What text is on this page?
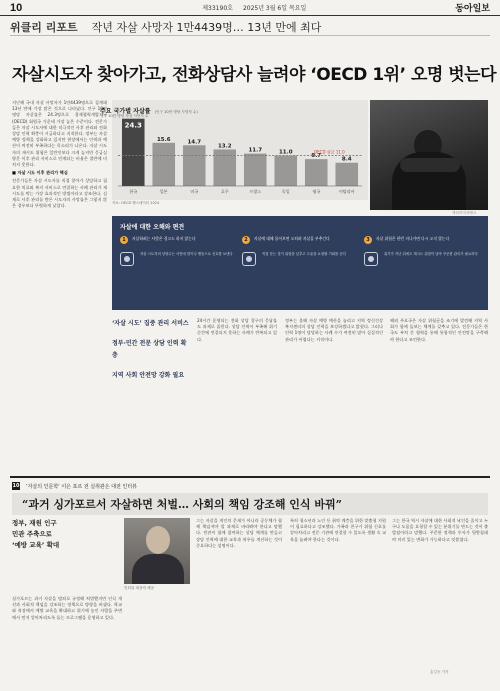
10	제33190호 2025년 3월 6일 목요일	동아일보
위클리 리포트 작년 자살 사망자 1만4439명… 13년 만에 최다
자살시도자 찾아가고, 전화상담사 늘려야 ‘OECD 1위’ 오명 벗는다
지난해 국내 자살 사망자가 1만4439명으로 집계돼 13년 만에 가장 많은 것으로 나타났다. 인구 10만 명당 자살률은 24.3명으로 경제협력개발기구(OECD) 회원국 가운데 가장 높은 수준이다. 전문가들은 자살 시도자에 대한 적극적인 사후 관리와 전화 상담 인력 확충이 시급하다고 지적한다. 정부는 자살 예방 정책을 강화하고 있지만 현장에서는 인력과 예산이 여전히 부족하다는 목소리가 나온다. 자살 시도자의 재시도 위험은 일반인보다 크게 높지만 응급실 방문 이후 관리 서비스로 연계되는 비율은 절반에 미치지 못한다.
■ 자살 시도 이후 관리가 핵심
전문가들은 자살 시도자를 직접 찾아가 상담하고 필요한 치료와 복지 서비스로 연결하는 사례 관리가 재시도를 막는 가장 효과적인 방법이라고 강조한다. 실제로 사후 관리를 받은 시도자의 사망률은 그렇지 않은 경우보다 뚜렷하게 낮았다.
24.3
한국
15.6
일본
14.7
미국
13.2
호주
11.7
프랑스
11.0
독일
9.7
영국
8.4
이탈리아
OECD 평균 11.0
주요 국가별 자살률 (인구 10만 명당 사망자 수)
인구 10만 명당 자살 사망자 수
자료: OECD 헬스데이터 2024
게티이미지뱅크
자살에 대한 오해와 편견
1	자살하려는 사람은 경고도 하지 않는다
자살 시도자의 상당수는 사전에 말이나 행동으로 신호를 보낸다
2	자살에 대해 물어보면 오히려 자살을 부추긴다
직접 묻는 것이 위험을 낮추고 도움을 요청할 기회를 준다
3	자살 위험은 한번 지나가면 다시 오지 않는다
위기가 지난 뒤에도 재시도 위험이 남아 꾸준한 관리가 필요하다

‘자살 시도’ 집중 관리 서비스

정부·민간 전문 상담 인력 확충

지역 사회 안전망 강화 필요

24시간 운영되는 전화 상담 창구의 응답률도 과제로 꼽힌다. 상담 인력이 부족해 위기 순간에 연결되지 못하는 사례가 반복되고 있다.
정부는 올해 자살 예방 예산을 늘리고 지역 정신건강복지센터의 상담 인력을 보강하겠다고 밝혔다. 그러나 인력 1명이 담당하는 사례 수가 여전히 많아 실질적인 관리가 어렵다는 지적이다.
해외 주요국은 자살 위험군을 조기에 발견해 지역 사회가 함께 돌보는 체계를 갖추고 있다. 전문가들은 한국도 부처 간 협력을 통해 통합적인 안전망을 구축해야 한다고 조언한다.
10 ‘자살의 인문학’ 이은 포르 전 실취관은 대전 인터뷰
“과거 싱가포르서 자살하면 처벌… 사회의 책임 강조해 인식 바꿔”
정부, 재원 인구
민관 주축으로
‘예방 교육’ 확대
인터뷰 대상자 제공
싱가포르는 과거 자살을 범죄로 규정해 처벌했지만 인식 개선과 사회적 책임을 강조하는 정책으로 방향을 바꿨다. 학교와 직장에서 예방 교육을 확대하고 위기에 놓인 사람을 주변에서 먼저 알아차리도록 돕는 프로그램을 운영하고 있다.
그는 자살을 개인의 문제가 아니라 공동체가 함께 책임져야 할 과제로 바라봐야 한다고 말했다. 민관이 함께 참여하는 상담 체계를 만들고 상담 인력에 대한 교육과 처우를 개선하는 것이 중요하다는 설명이다.
특히 청소년과 노인 등 취약 계층을 위한 맞춤형 지원이 필요하다고 강조했다. 가족과 친구가 위험 신호를 알아차리고 전문 기관에 연결할 수 있도록 생활 속 교육을 늘려야 한다는 것이다.
그는 한국 역시 자살에 대한 사회적 낙인을 줄이고 누구나 도움을 요청할 수 있는 분위기를 만드는 것이 출발점이라고 말했다. 꾸준한 정책과 투자가 뒷받침돼야 의미 있는 변화가 가능하다고 덧붙였다.
홍길동 기자
